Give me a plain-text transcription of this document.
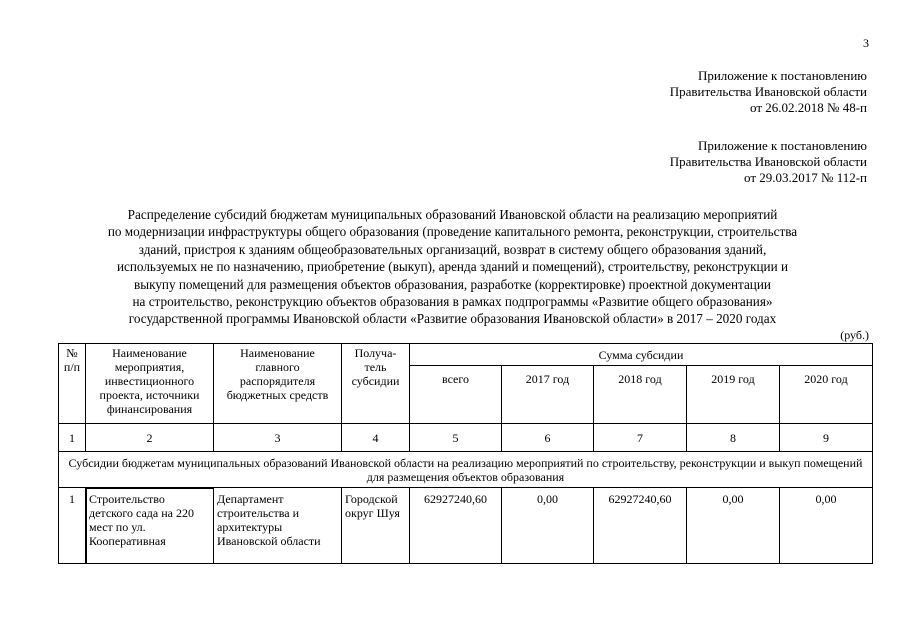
3
Приложение к постановлению
Правительства Ивановской области
от 26.02.2018 № 48-п
Приложение к постановлению
Правительства Ивановской области
от 29.03.2017 № 112-п
Распределение субсидий бюджетам муниципальных образований Ивановской области на реализацию мероприятий
по модернизации инфраструктуры общего образования (проведение капитального ремонта, реконструкции, строительства
зданий, пристроя к зданиям общеобразовательных организаций, возврат в систему общего образования зданий,
используемых не по назначению, приобретение (выкуп), аренда зданий и помещений), строительству, реконструкции и
выкупу помещений для размещения объектов образования, разработке (корректировке) проектной документации
на строительство, реконструкцию объектов образования в рамках подпрограммы «Развитие общего образования»
государственной программы Ивановской области «Развитие образования Ивановской области» в 2017 – 2020 годах
(руб.)
№ п/п	Наименование мероприятия, инвестиционного проекта, источники финансирования	Наименование главного распорядителя бюджетных средств	Получа-тель субсидии	Сумма субсидии				
				всего	2017 год	2018 год	2019 год	2020 год
1	2	3	4	5	6	7	8	9
Субсидии бюджетам муниципальных образований Ивановской области на реализацию мероприятий по строительству, реконструкции и выкуп помещений для размещения объектов образования								
1	Строительство детского сада на 220 мест по ул. Кооперативная	Департамент строительства и архитектуры Ивановской области	Городской округ Шуя	62927240,60	0,00	62927240,60	0,00	0,00
